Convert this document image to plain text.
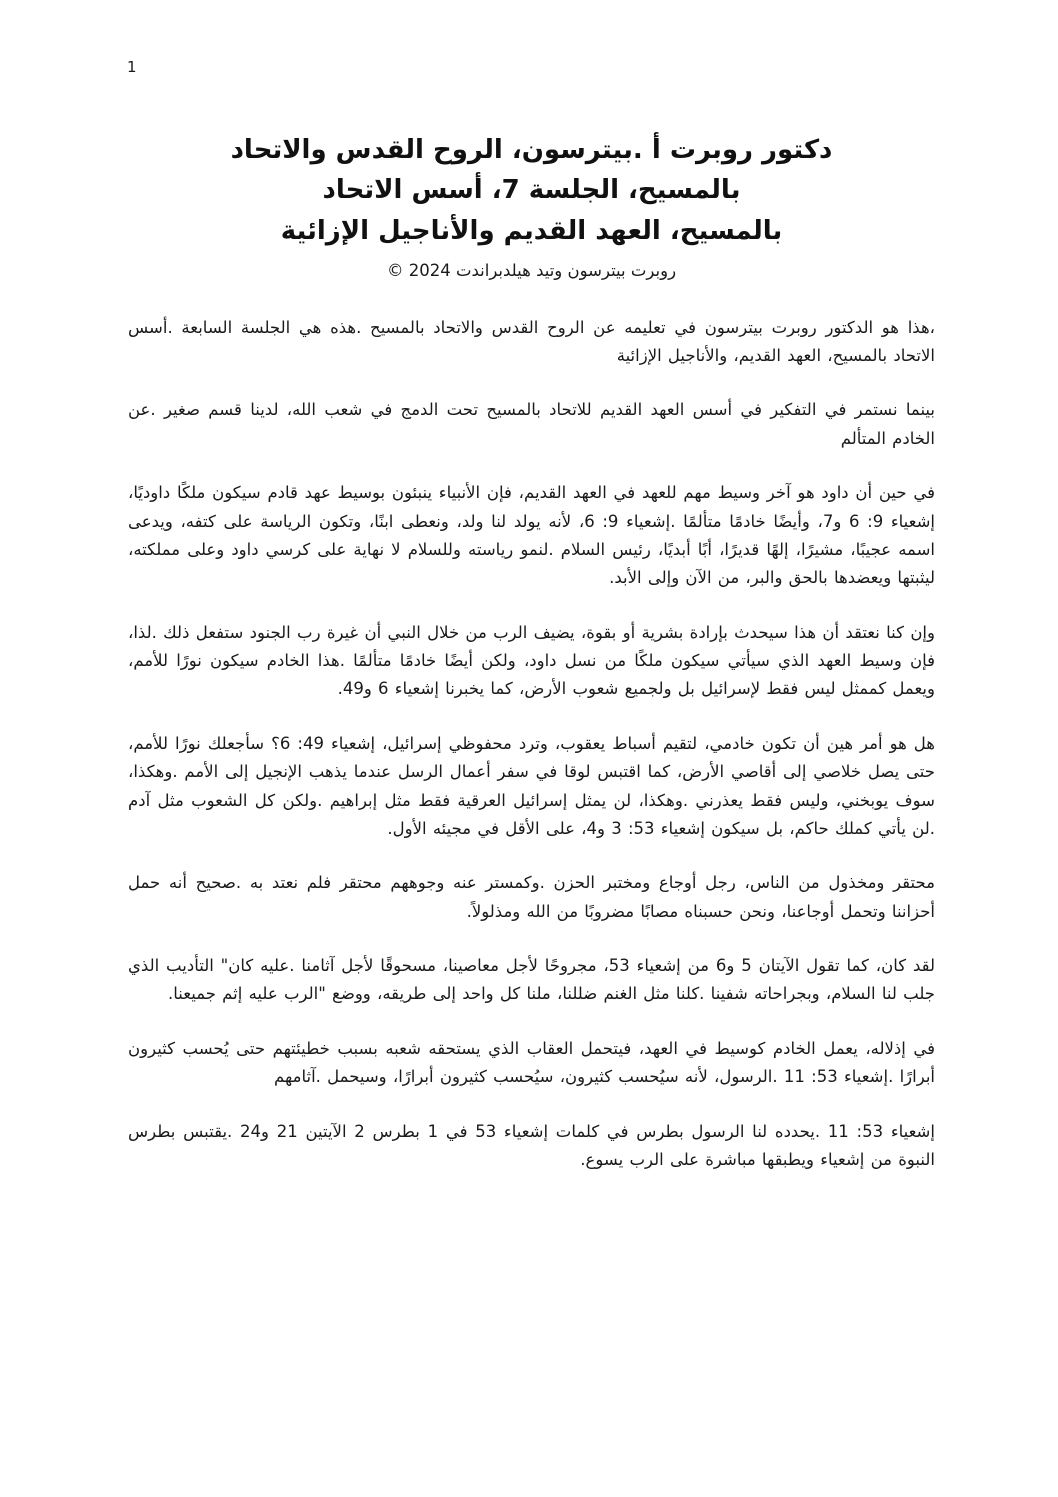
1
دكتور روبرت أ .بيترسون، الروح القدس والاتحاد
بالمسيح، الجلسة 7، أسس الاتحاد
بالمسيح، العهد القديم والأناجيل الإزائية
روبرت بيترسون وتيد هيلدبراندت 2024 ©

،هذا هو الدكتور روبرت بيترسون في تعليمه عن الروح القدس والاتحاد بالمسيح .هذه هي الجلسة السابعة .أسس الاتحاد بالمسيح، العهد القديم، والأناجيل الإزائية

بينما نستمر في التفكير في أسس العهد القديم للاتحاد بالمسيح تحت الدمج في شعب الله، لدينا قسم صغير .عن الخادم المتألم

في حين أن داود هو آخر وسيط مهم للعهد في العهد القديم، فإن الأنبياء ينبئون بوسيط عهد قادم سيكون ملكًا داوديًا، إشعياء 9: 6 و7، وأيضًا خادمًا متألمًا .إشعياء 9: 6، لأنه يولد لنا ولد، ونعطى ابنًا، وتكون الرياسة على كتفه، ويدعى اسمه عجيبًا، مشيرًا، إلهًا قديرًا، أبًا أبديًا، رئيس السلام .لنمو رياسته وللسلام لا نهاية على كرسي داود وعلى مملكته، ليثبتها ويعضدها بالحق والبر، من الآن وإلى الأبد.

وإن كنا نعتقد أن هذا سيحدث بإرادة بشرية أو بقوة، يضيف الرب من خلال النبي أن غيرة رب الجنود ستفعل ذلك .لذا، فإن وسيط العهد الذي سيأتي سيكون ملكًا من نسل داود، ولكن أيضًا خادمًا متألمًا .هذا الخادم سيكون نورًا للأمم، ويعمل كممثل ليس فقط لإسرائيل بل ولجميع شعوب الأرض، كما يخبرنا إشعياء 6 و49.

هل هو أمر هين أن تكون خادمي، لتقيم أسباط يعقوب، وترد محفوظي إسرائيل، إشعياء 49: 6؟ سأجعلك نورًا للأمم، حتى يصل خلاصي إلى أقاصي الأرض، كما اقتبس لوقا في سفر أعمال الرسل عندما يذهب الإنجيل إلى الأمم .وهكذا، سوف يوبخني، وليس فقط يعذرني .وهكذا، لن يمثل إسرائيل العرقية فقط مثل إبراهيم .ولكن كل الشعوب مثل آدم .لن يأتي كملك حاكم، بل سيكون إشعياء 53: 3 و4، على الأقل في مجيئه الأول.

محتقر ومخذول من الناس، رجل أوجاع ومختبر الحزن .وكمستر عنه وجوههم محتقر فلم نعتد به .صحيح أنه حمل أحزاننا وتحمل أوجاعنا، ونحن حسبناه مصابًا مضروبًا من الله ومذلولاً.

لقد كان، كما تقول الآيتان 5 و6 من إشعياء 53، مجروحًا لأجل معاصينا، مسحوقًا لأجل آثامنا .عليه كان" التأديب الذي جلب لنا السلام، وبجراحاته شفينا .كلنا مثل الغنم ضللنا، ملنا كل واحد إلى طريقه، ووضع "الرب عليه إثم جميعنا.

في إذلاله، يعمل الخادم كوسيط في العهد، فيتحمل العقاب الذي يستحقه شعبه بسبب خطيئتهم حتى يُحسب كثيرون أبرارًا .إشعياء 53: 11 .الرسول، لأنه سيُحسب كثيرون، سيُحسب كثيرون أبرارًا، وسيحمل .آثامهم

إشعياء 53: 11 .يحدده لنا الرسول بطرس في كلمات إشعياء 53 في 1 بطرس 2 الآيتين 21 و24 .يقتبس بطرس النبوة من إشعياء ويطبقها مباشرة على الرب يسوع.
